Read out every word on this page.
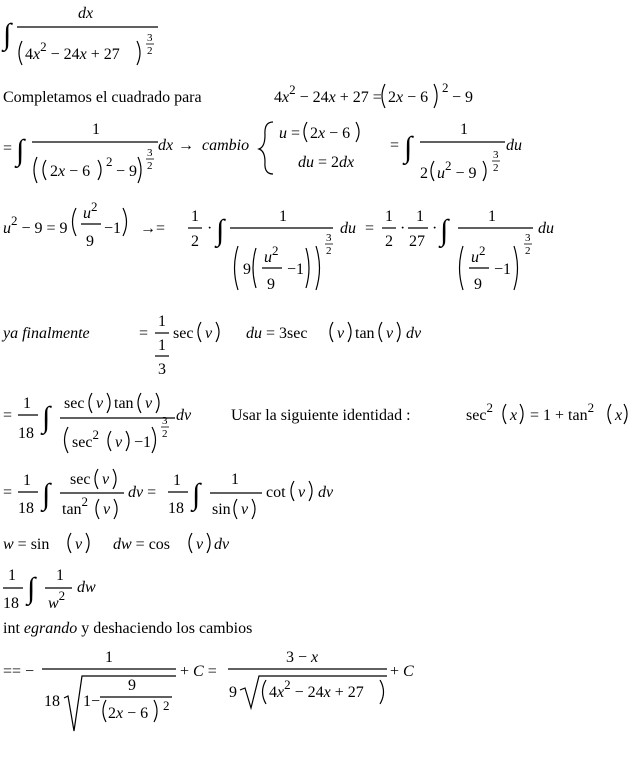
∫
dx
$4x^2 - 24x + 27$
3
2
Completamos el cuadrado para	$4x^2 - 24x + 27 = 2x - 6$
2
− 9
= ∫
1
2x − 6
2
− 9
3
2
dx → cambio
u = 2x − 6
du = 2dx
= ∫
1
2 $u^2 - 9$
3
2
du
$u^2 - 9 = 9$
$u^2$
9
−1 →=
1
2
· ∫	1
9
$u^2$
9
−1
3
2
du =
1
2
·
1
27
· ∫ 1
$u^2$
9
−1
3
2
du
ya finalmente	=
1
1
3
sec v du = 3sec v tan v dv
=
1
18 ∫ sec v tan v
$\sec^2 v -1$
3
2
dv Usar la siguiente identidad :	$\sec^2 x = 1 + \tan^2 x$
=
1
18 ∫ sec v
$\tan^2 v$
dv =
1
18 ∫ 1
sin v
cot v dv
w = sin v dw = cos v dv
1
18 ∫ 1
$w^2$ dw
int egrando y deshaciendo los cambios
== −
1
18 1−
9
2x − 6 2
+ C =
3 − x
9 $4x^2 - 24x + 27$
+ C
